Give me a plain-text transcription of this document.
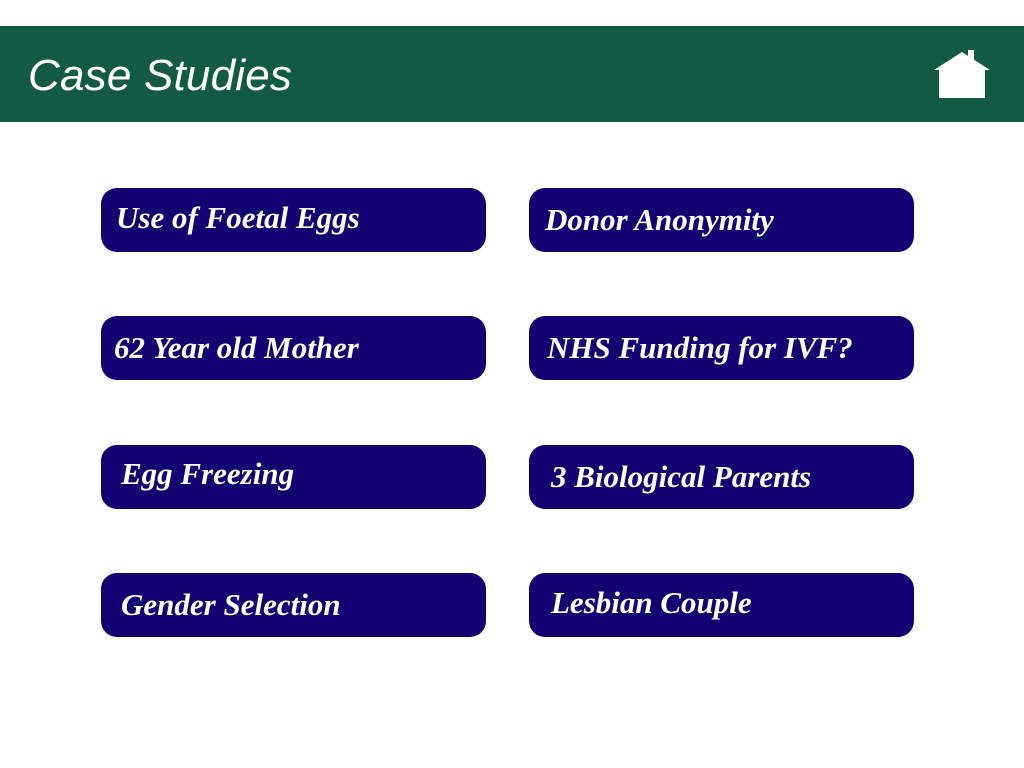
Case Studies
Use of Foetal Eggs	Donor Anonymity
62 Year old Mother	NHS Funding for IVF?
Egg Freezing	3 Biological Parents
Gender Selection	Lesbian Couple
